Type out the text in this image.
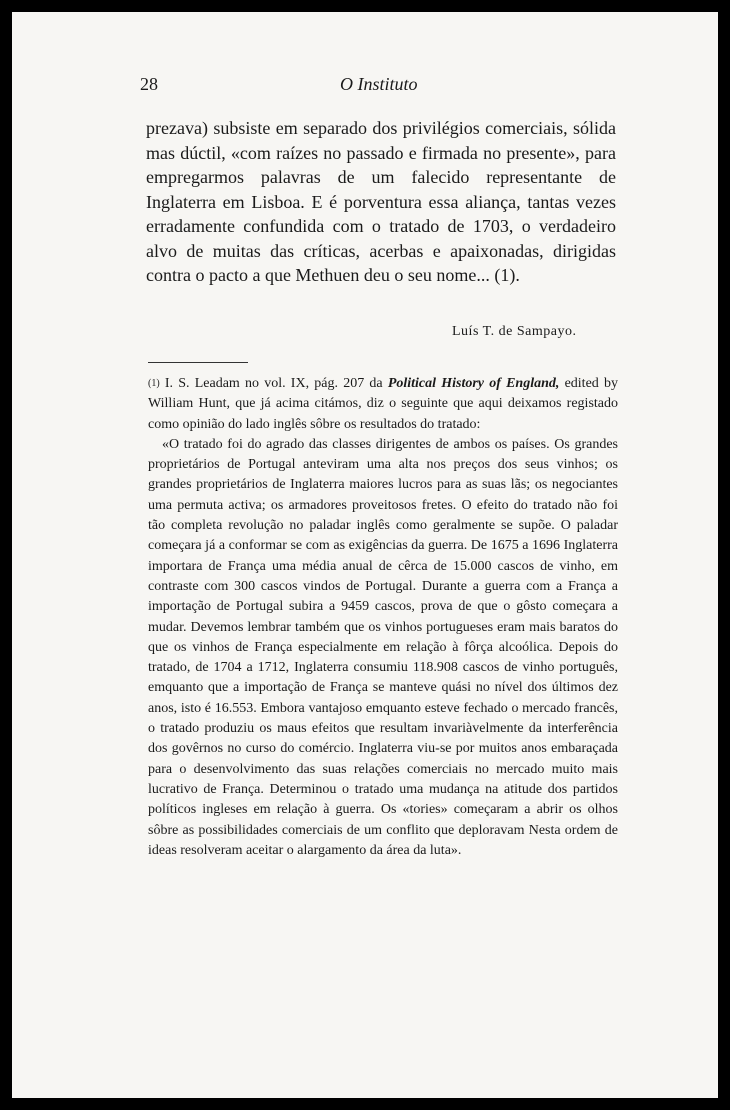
28	O Instituto

prezava) subsiste em separado dos privilégios comerciais, sólida mas dúctil, «com raízes no passado e firmada no presente», para empregarmos palavras de um falecido representante de Inglaterra em Lisboa. E é porventura essa aliança, tantas vezes erradamente confundida com o tratado de 1703, o verdadeiro alvo de muitas das críticas, acerbas e apaixonadas, dirigidas contra o pacto a que Methuen deu o seu nome... (1).

Luís T. de Sampayo.

$^{(1)}$ I. S. Leadam no vol. IX, pág. 207 da Political History of England, edited by William Hunt, que já acima citámos, diz o seguinte que aqui deixamos registado como opinião do lado inglês sôbre os resultados do tratado:

«O tratado foi do agrado das classes dirigentes de ambos os países. Os grandes proprietários de Portugal anteviram uma alta nos preços dos seus vinhos; os grandes proprietários de Inglaterra maiores lucros para as suas lãs; os negociantes uma permuta activa; os armadores proveitosos fretes. O efeito do tratado não foi tão completa revolução no paladar inglês como geralmente se supõe. O paladar começara já a conformar se com as exigências da guerra. De 1675 a 1696 Inglaterra importara de França uma média anual de cêrca de 15.000 cascos de vinho, em contraste com 300 cascos vindos de Portugal. Durante a guerra com a França a importação de Portugal subira a 9459 cascos, prova de que o gôsto começara a mudar. Devemos lembrar também que os vinhos portugueses eram mais baratos do que os vinhos de França especialmente em relação à fôrça alcoólica. Depois do tratado, de 1704 a 1712, Inglaterra consumiu 118.908 cascos de vinho português, emquanto que a importação de França se manteve quási no nível dos últimos dez anos, isto é 16.553. Embora vantajoso emquanto esteve fechado o mercado francês, o tratado produziu os maus efeitos que resultam invariàvelmente da interferência dos govêrnos no curso do comércio. Inglaterra viu-se por muitos anos embaraçada para o desenvolvimento das suas relações comerciais no mercado muito mais lucrativo de França. Determinou o tratado uma mudança na atitude dos partidos políticos ingleses em relação à guerra. Os «tories» começaram a abrir os olhos sôbre as possibilidades comerciais de um conflito que deploravam Nesta ordem de ideas resolveram aceitar o alargamento da área da luta».
